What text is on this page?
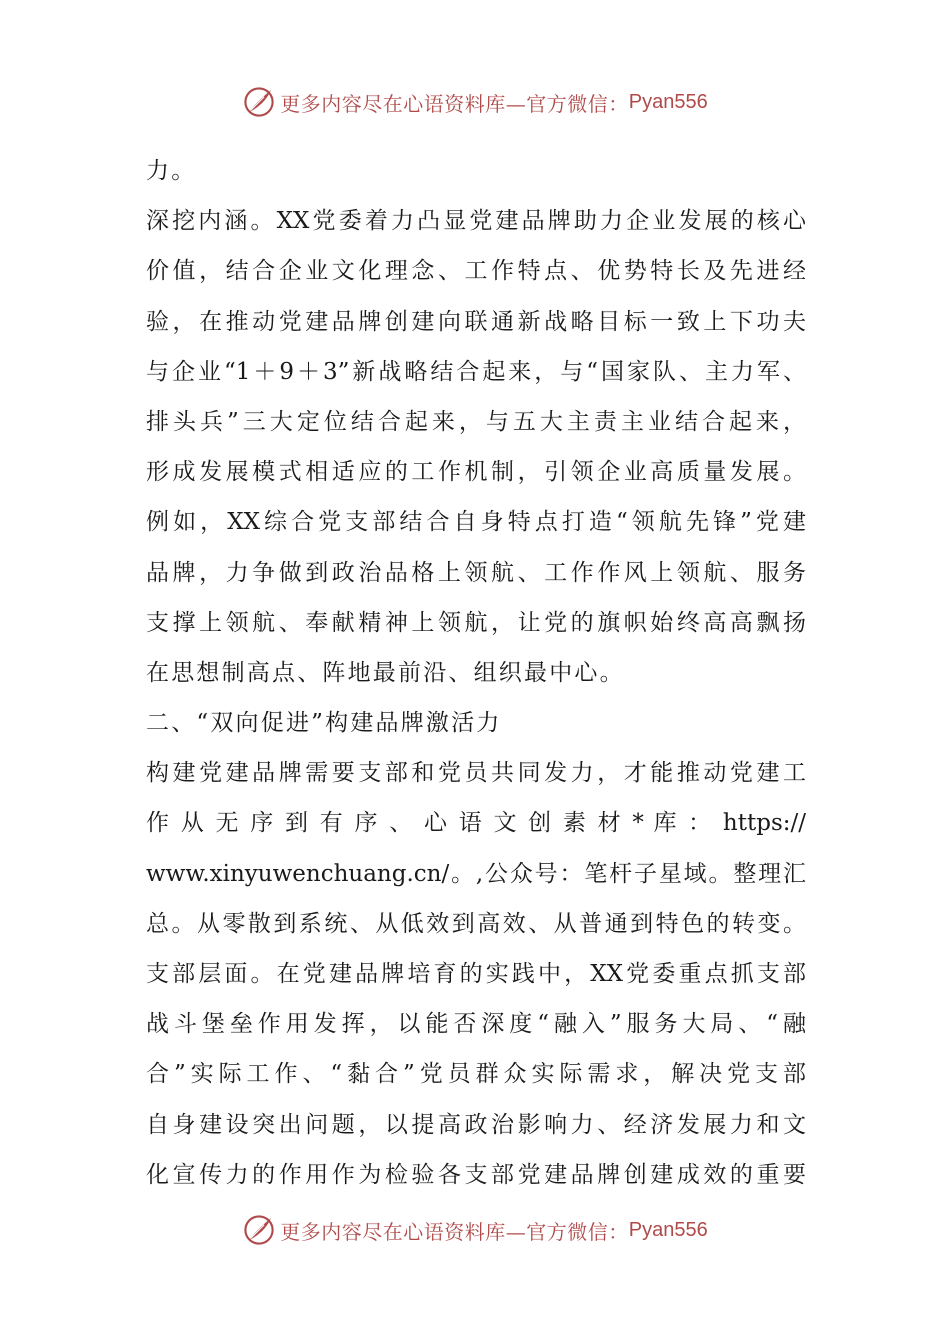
更多内容尽在心语资料库—官方微信： Pyan556
力。
深挖内涵。XX党委着力凸显党建品牌助力企业发展的核心
价值，结合企业文化理念、工作特点、优势特长及先进经
验，在推动党建品牌创建向联通新战略目标一致上下功夫
与企业“1＋9＋3”新战略结合起来，与“国家队、主力军、
排头兵”三大定位结合起来，与五大主责主业结合起来，
形成发展模式相适应的工作机制，引领企业高质量发展。
例如，XX综合党支部结合自身特点打造“领航先锋”党建
品牌，力争做到政治品格上领航、工作作风上领航、服务
支撑上领航、奉献精神上领航，让党的旗帜始终高高飘扬
在思想制高点、阵地最前沿、组织最中心。
二、“双向促进”构建品牌激活力
构建党建品牌需要支部和党员共同发力，才能推动党建工
作 从 无 序 到 有 序 、 心 语 文 创 素 材 * 库 ： https://
www.xinyuwenchuang.cn/。,公众号：笔杆子星域。整理汇
总。从零散到系统、从低效到高效、从普通到特色的转变。
支部层面。在党建品牌培育的实践中，XX党委重点抓支部
战斗堡垒作用发挥，以能否深度“融入”服务大局、“融
合”实际工作、“黏合”党员群众实际需求，解决党支部
自身建设突出问题，以提高政治影响力、经济发展力和文
化宣传力的作用作为检验各支部党建品牌创建成效的重要
更多内容尽在心语资料库—官方微信： Pyan556
